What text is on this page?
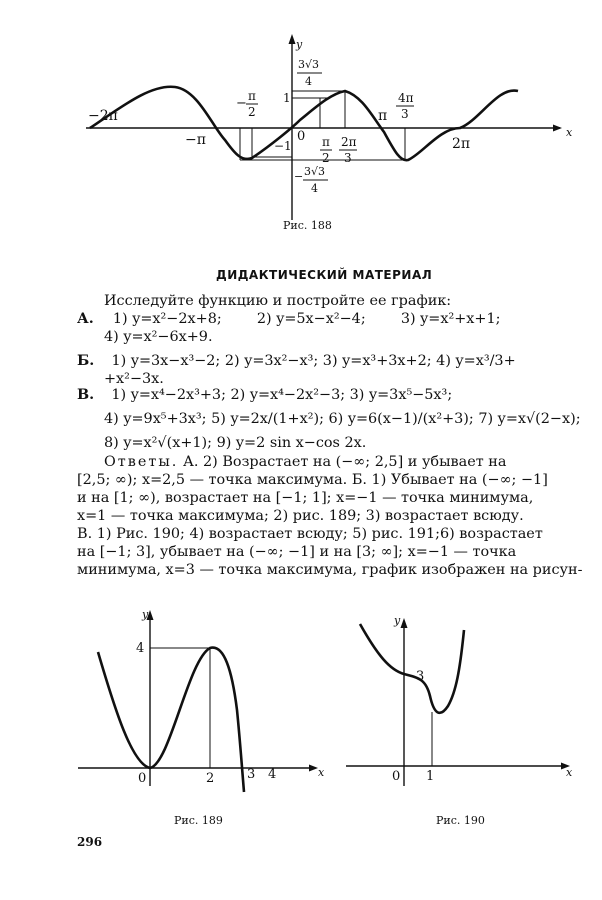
−2π
−π
π
2π
0
1
−1
− π
2
π
2
2π
3
4π
3
3√3
4
− 3√3
4
y
x
Рис. 188
ДИДАКТИЧЕСКИЙ МАТЕРИАЛ
Исследуйте функцию и постройте ее график:
А. 1) y=x²−2x+8; 2) y=5x−x²−4; 3) y=x²+x+1;
4) y=x²−6x+9.
Б. 1) y=3x−x³−2; 2) y=3x²−x³; 3) y=x³+3x+2; 4) y=x³/3+
+x²−3x.
В. 1) y=x⁴−2x³+3; 2) y=x⁴−2x²−3; 3) y=3x⁵−5x³;
4) y=9x⁵+3x³; 5) y=2x/(1+x²); 6) y=6(x−1)/(x²+3); 7) y=x√(2−x);
8) y=x²√(x+1); 9) y=2 sin x−cos 2x.
Ответы. А. 2) Возрастает на (−∞; 2,5] и убывает на
[2,5; ∞); x=2,5 — точка максимума. Б. 1) Убывает на (−∞; −1]
и на [1; ∞), возрастает на [−1; 1]; x=−1 — точка минимума,
x=1 — точка максимума; 2) рис. 189; 3) возрастает всюду.
В. 1) Рис. 190; 4) возрастает всюду; 5) рис. 191;6) возрастает
на [−1; 3], убывает на (−∞; −1] и на [3; ∞]; x=−1 — точка
минимума, x=3 — точка максимума, график изображен на рисун-
0	2	3 4
4
y
x
Рис. 189
3
0 1
y
x
Рис. 190
296
